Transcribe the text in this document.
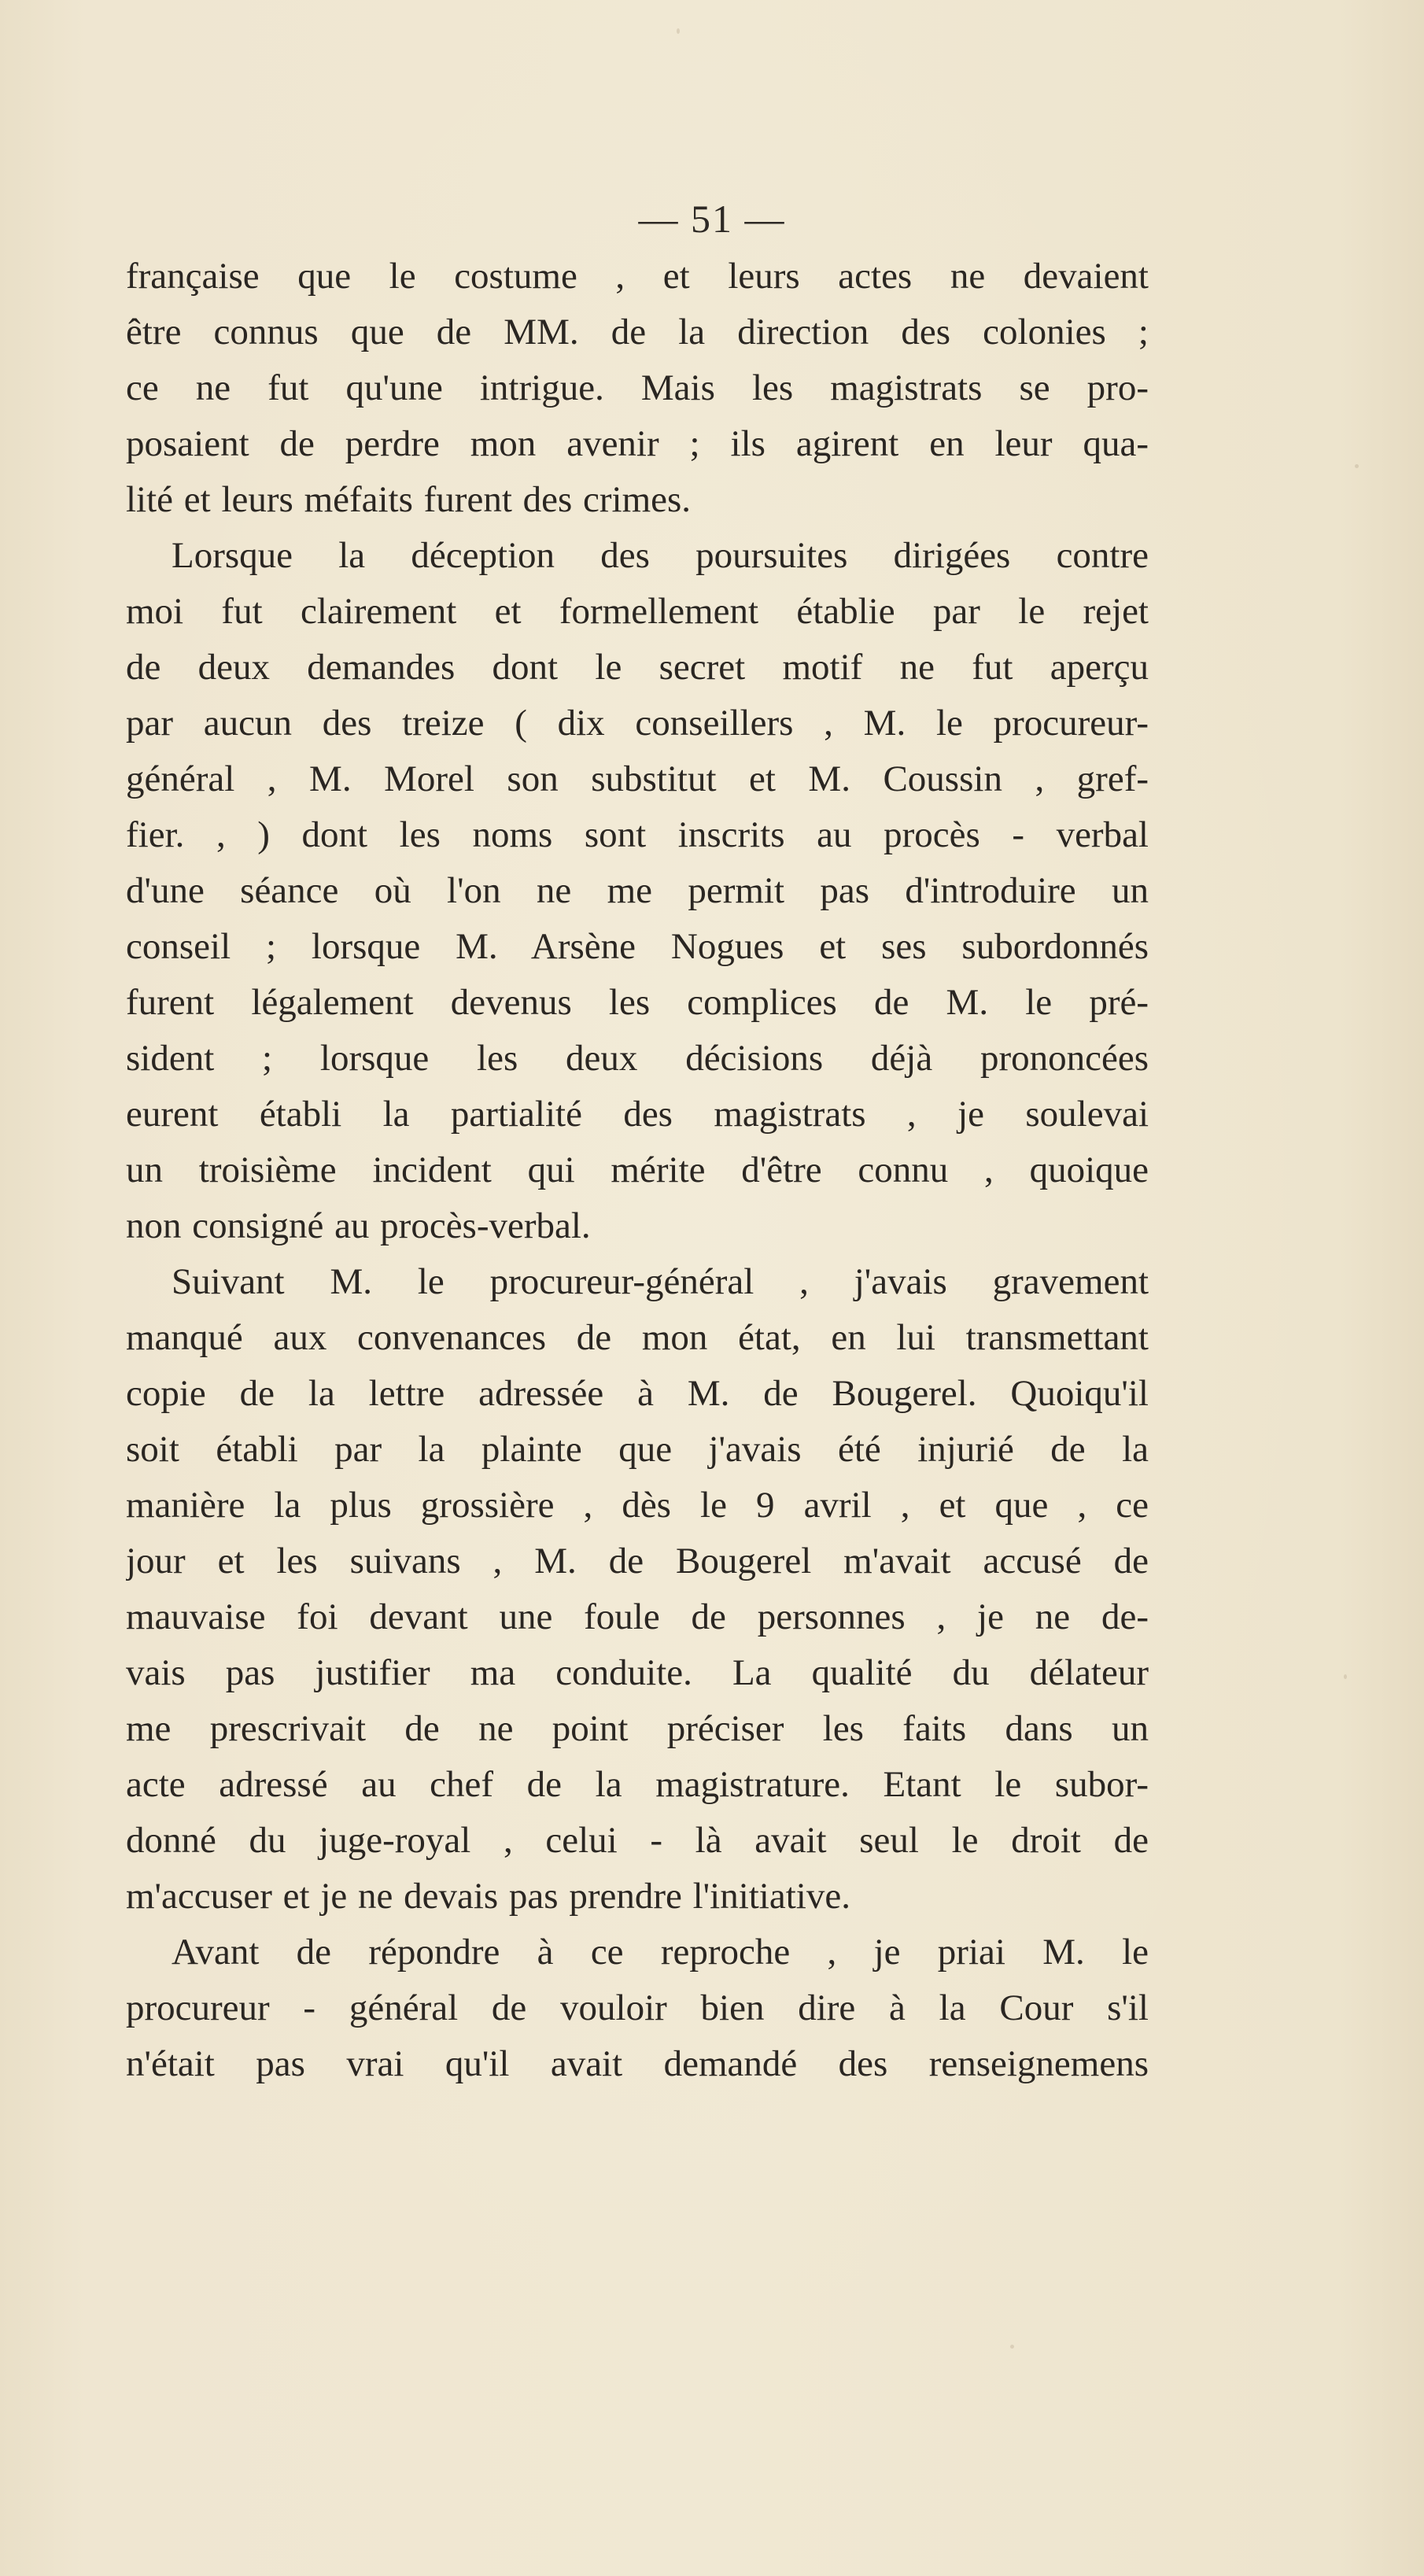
— 51 —
française que le costume , et leurs actes ne devaient
être connus que de MM. de la direction des colonies ;
ce ne fut qu'une intrigue. Mais les magistrats se pro-
posaient de perdre mon avenir ; ils agirent en leur qua-
lité et leurs méfaits furent des crimes.
Lorsque la déception des poursuites dirigées contre
moi fut clairement et formellement établie par le rejet
de deux demandes dont le secret motif ne fut aperçu
par aucun des treize ( dix conseillers , M. le procureur-
général , M. Morel son substitut et M. Coussin , gref-
fier. , ) dont les noms sont inscrits au procès - verbal
d'une séance où l'on ne me permit pas d'introduire un
conseil ; lorsque M. Arsène Nogues et ses subordonnés
furent légalement devenus les complices de M. le pré-
sident ; lorsque les deux décisions déjà prononcées
eurent établi la partialité des magistrats , je soulevai
un troisième incident qui mérite d'être connu , quoique
non consigné au procès-verbal.
Suivant M. le procureur-général , j'avais gravement
manqué aux convenances de mon état, en lui transmettant
copie de la lettre adressée à M. de Bougerel. Quoiqu'il
soit établi par la plainte que j'avais été injurié de la
manière la plus grossière , dès le 9 avril , et que , ce
jour et les suivans , M. de Bougerel m'avait accusé de
mauvaise foi devant une foule de personnes , je ne de-
vais pas justifier ma conduite. La qualité du délateur
me prescrivait de ne point préciser les faits dans un
acte adressé au chef de la magistrature. Etant le subor-
donné du juge-royal , celui - là avait seul le droit de
m'accuser et je ne devais pas prendre l'initiative.
Avant de répondre à ce reproche , je priai M. le
procureur - général de vouloir bien dire à la Cour s'il
n'était pas vrai qu'il avait demandé des renseignemens
